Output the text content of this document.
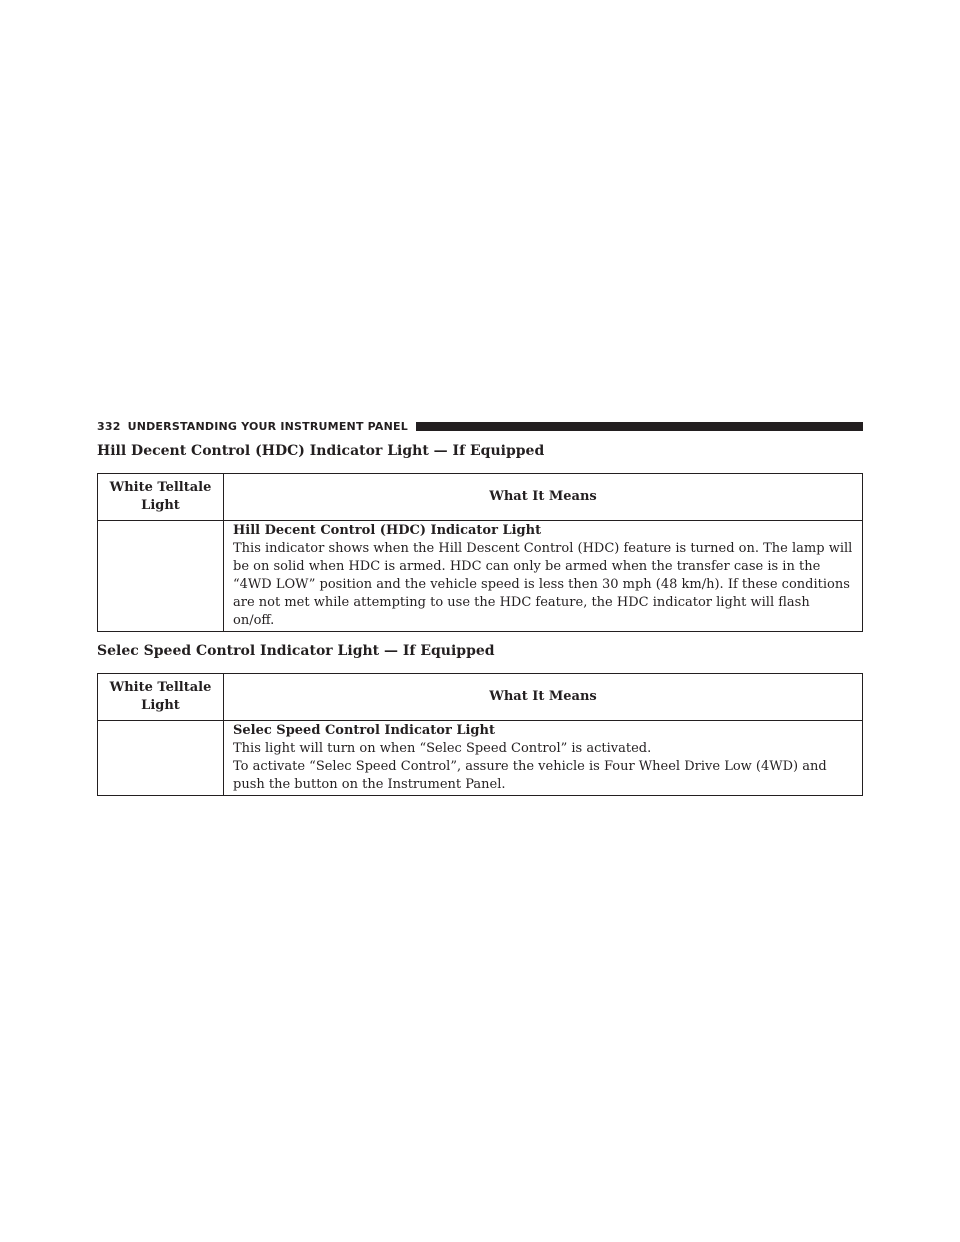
332 UNDERSTANDING YOUR INSTRUMENT PANEL
Hill Decent Control (HDC) Indicator Light — If Equipped
White Telltale
Light	What It Means

	Hill Decent Control (HDC) Indicator Light
This indicator shows when the Hill Descent Control (HDC) feature is turned on. The lamp will be on solid when HDC is armed. HDC can only be armed when the transfer case is in the “4WD LOW” position and the vehicle speed is less then 30 mph (48 km/h). If these conditions are not met while attempting to use the HDC feature, the HDC indicator light will flash on/off.
Selec Speed Control Indicator Light — If Equipped
White Telltale
Light	What It Means

	Selec Speed Control Indicator Light
This light will turn on when “Selec Speed Control” is activated.
To activate “Selec Speed Control”, assure the vehicle is Four Wheel Drive Low (4WD) and push the button on the Instrument Panel.
